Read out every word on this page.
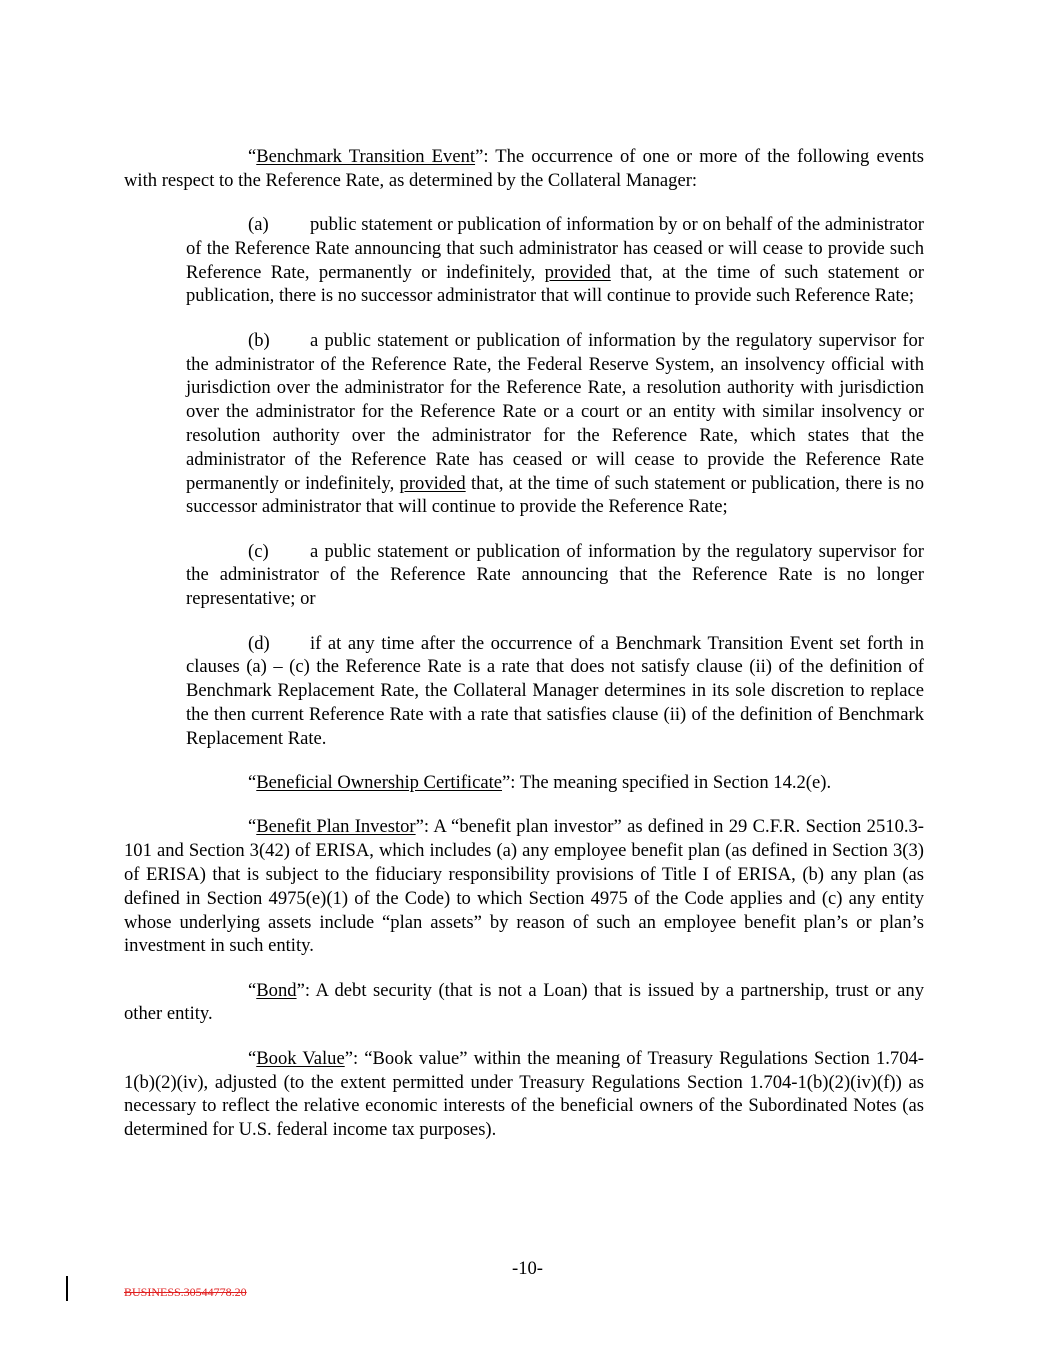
“Benchmark Transition Event”: The occurrence of one or more of the following events with respect to the Reference Rate, as determined by the Collateral Manager:

(a) public statement or publication of information by or on behalf of the administrator of the Reference Rate announcing that such administrator has ceased or will cease to provide such Reference Rate, permanently or indefinitely, provided that, at the time of such statement or publication, there is no successor administrator that will continue to provide such Reference Rate;

(b) a public statement or publication of information by the regulatory supervisor for the administrator of the Reference Rate, the Federal Reserve System, an insolvency official with jurisdiction over the administrator for the Reference Rate, a resolution authority with jurisdiction over the administrator for the Reference Rate or a court or an entity with similar insolvency or resolution authority over the administrator for the Reference Rate, which states that the administrator of the Reference Rate has ceased or will cease to provide the Reference Rate permanently or indefinitely, provided that, at the time of such statement or publication, there is no successor administrator that will continue to provide the Reference Rate;

(c) a public statement or publication of information by the regulatory supervisor for the administrator of the Reference Rate announcing that the Reference Rate is no longer representative; or

(d) if at any time after the occurrence of a Benchmark Transition Event set forth in clauses (a) – (c) the Reference Rate is a rate that does not satisfy clause (ii) of the definition of Benchmark Replacement Rate, the Collateral Manager determines in its sole discretion to replace the then current Reference Rate with a rate that satisfies clause (ii) of the definition of Benchmark Replacement Rate.

“Beneficial Ownership Certificate”: The meaning specified in Section 14.2(e).

“Benefit Plan Investor”: A “benefit plan investor” as defined in 29 C.F.R. Section 2510.3-101 and Section 3(42) of ERISA, which includes (a) any employee benefit plan (as defined in Section 3(3) of ERISA) that is subject to the fiduciary responsibility provisions of Title I of ERISA, (b) any plan (as defined in Section 4975(e)(1) of the Code) to which Section 4975 of the Code applies and (c) any entity whose underlying assets include “plan assets” by reason of such an employee benefit plan’s or plan’s investment in such entity.

“Bond”: A debt security (that is not a Loan) that is issued by a partnership, trust or any other entity.

“Book Value”: “Book value” within the meaning of Treasury Regulations Section 1.704-1(b)(2)(iv), adjusted (to the extent permitted under Treasury Regulations Section 1.704-1(b)(2)(iv)(f)) as necessary to reflect the relative economic interests of the beneficial owners of the Subordinated Notes (as determined for U.S. federal income tax purposes).

-10-
BUSINESS.30544778.20
